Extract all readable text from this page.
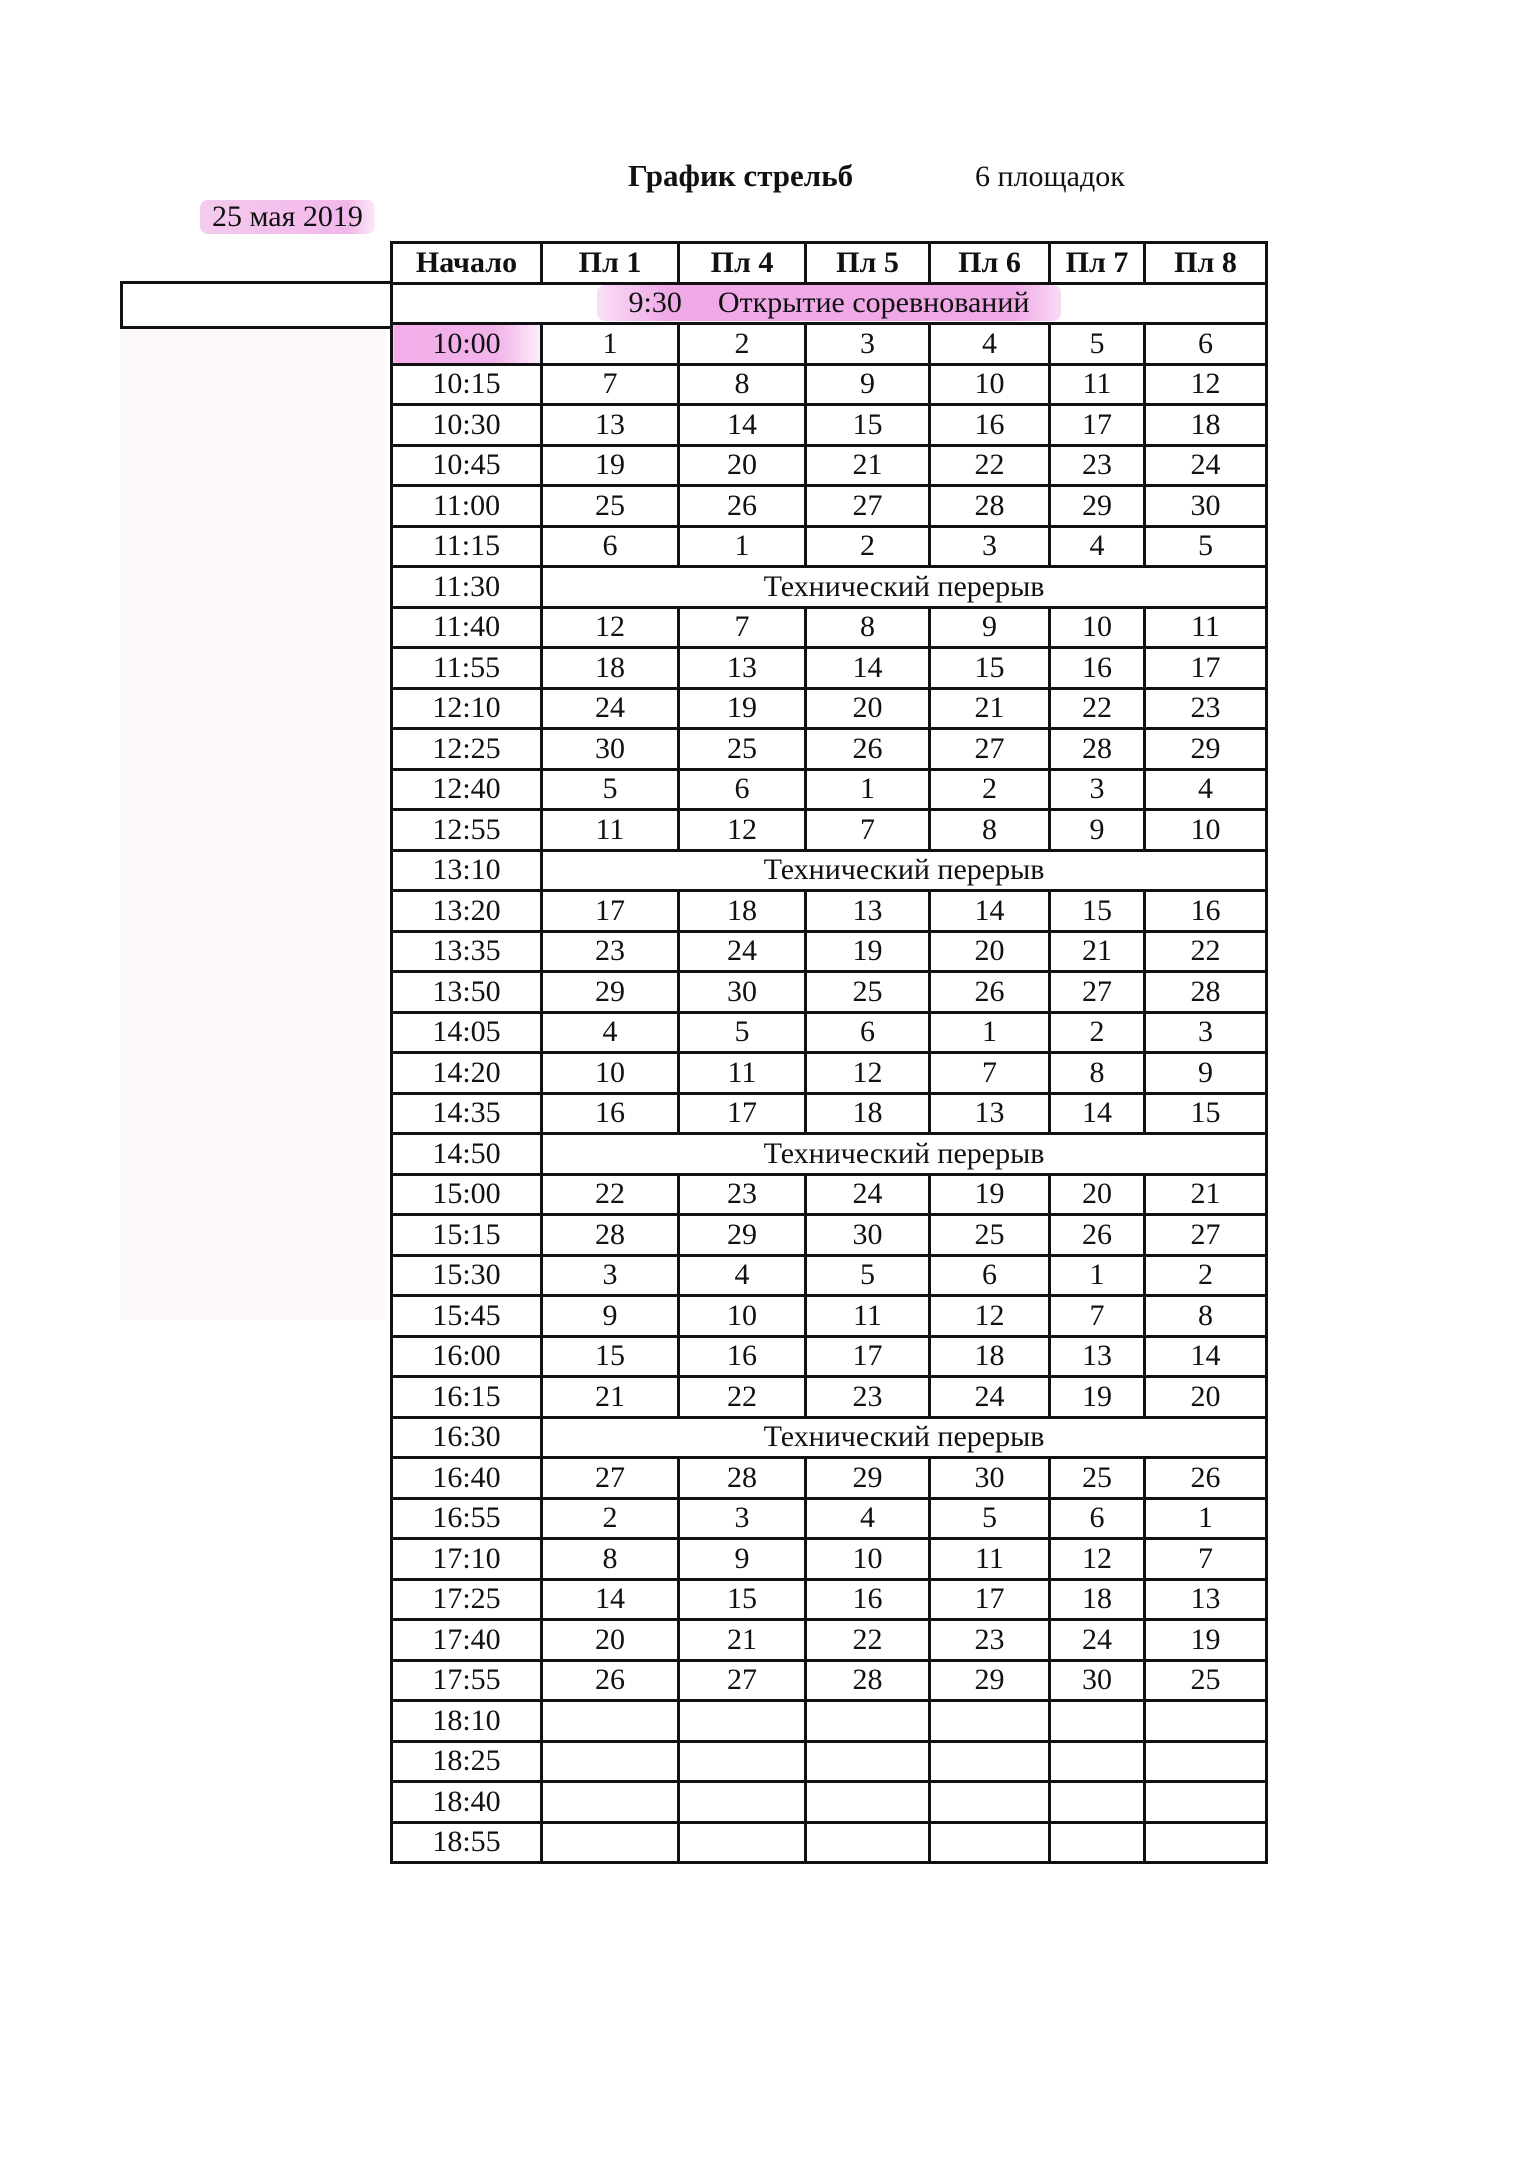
График стрельб	6 площадок
25 мая 2019
Начало	Пл 1	Пл 4	Пл 5	Пл 6	Пл 7	Пл 8
9:30 Открытие соревнований						
10:00	1	2	3	4	5	6
10:15	7	8	9	10	11	12
10:30	13	14	15	16	17	18
10:45	19	20	21	22	23	24
11:00	25	26	27	28	29	30
11:15	6	1	2	3	4	5
11:30	Технический перерыв					
11:40	12	7	8	9	10	11
11:55	18	13	14	15	16	17
12:10	24	19	20	21	22	23
12:25	30	25	26	27	28	29
12:40	5	6	1	2	3	4
12:55	11	12	7	8	9	10
13:10	Технический перерыв					
13:20	17	18	13	14	15	16
13:35	23	24	19	20	21	22
13:50	29	30	25	26	27	28
14:05	4	5	6	1	2	3
14:20	10	11	12	7	8	9
14:35	16	17	18	13	14	15
14:50	Технический перерыв					
15:00	22	23	24	19	20	21
15:15	28	29	30	25	26	27
15:30	3	4	5	6	1	2
15:45	9	10	11	12	7	8
16:00	15	16	17	18	13	14
16:15	21	22	23	24	19	20
16:30	Технический перерыв					
16:40	27	28	29	30	25	26
16:55	2	3	4	5	6	1
17:10	8	9	10	11	12	7
17:25	14	15	16	17	18	13
17:40	20	21	22	23	24	19
17:55	26	27	28	29	30	25
18:10						
18:25						
18:40						
18:55						
